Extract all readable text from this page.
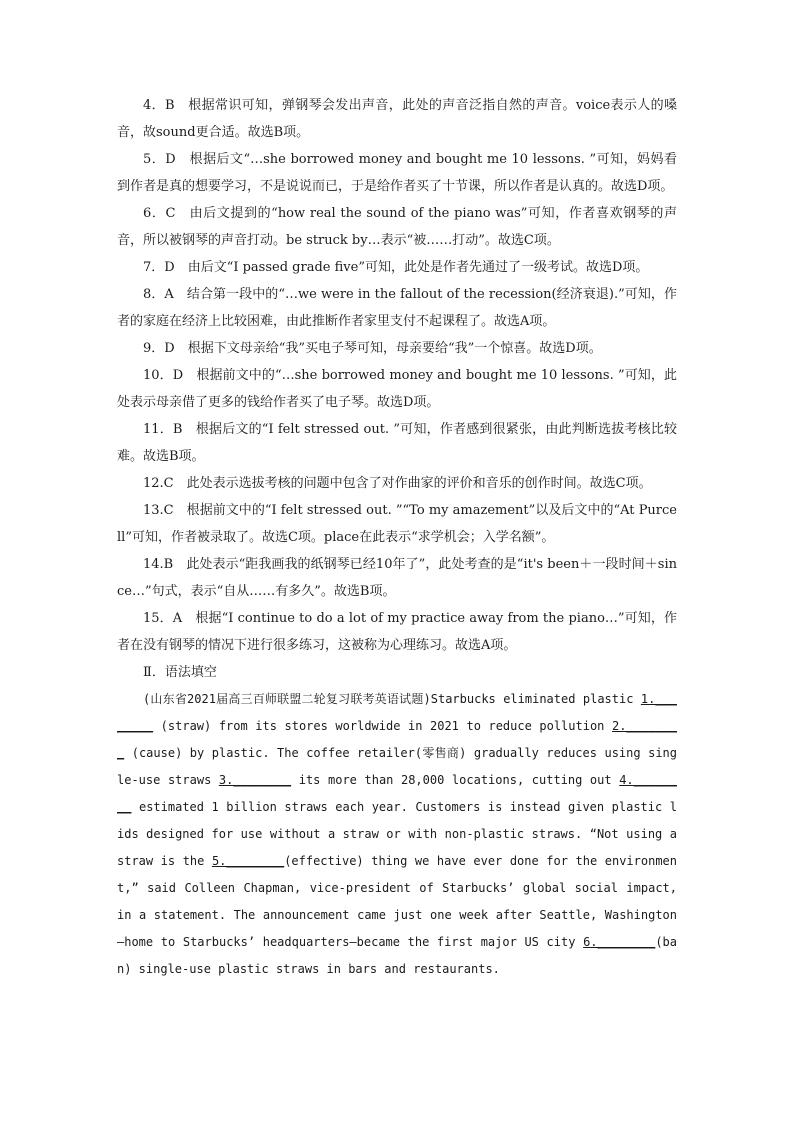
4．B　根据常识可知，弹钢琴会发出声音，此处的声音泛指自然的声音。voice表示人的嗓音，故sound更合适。故选B项。

5．D　根据后文“…she borrowed money and bought me 10 lessons. ”可知，妈妈看到作者是真的想要学习，不是说说而已，于是给作者买了十节课，所以作者是认真的。故选D项。

6．C　由后文提到的“how real the sound of the piano was”可知，作者喜欢钢琴的声音，所以被钢琴的声音打动。be struck by…表示“被……打动”。故选C项。

7．D　由后文“I passed grade five”可知，此处是作者先通过了一级考试。故选D项。

8．A　结合第一段中的“…we were in the fallout of the recession(经济衰退).”可知，作者的家庭在经济上比较困难，由此推断作者家里支付不起课程了。故选A项。

9．D　根据下文母亲给“我”买电子琴可知，母亲要给“我”一个惊喜。故选D项。

10．D　根据前文中的“…she borrowed money and bought me 10 lessons. ”可知，此处表示母亲借了更多的钱给作者买了电子琴。故选D项。

11．B　根据后文的“I felt stressed out. ”可知，作者感到很紧张，由此判断选拔考核比较难。故选B项。

12.C　此处表示选拔考核的问题中包含了对作曲家的评价和音乐的创作时间。故选C项。

13.C　根据前文中的“I felt stressed out. ”“To my amazement”以及后文中的“At Purcell”可知，作者被录取了。故选C项。place在此表示“求学机会；入学名额”。

14.B　此处表示“距我画我的纸钢琴已经10年了”，此处考查的是“it's been＋一段时间＋since…”句式，表示“自从……有多久”。故选B项。

15．A　根据“I continue to do a lot of my practice away from the piano…”可知，作者在没有钢琴的情况下进行很多练习，这被称为心理练习。故选A项。

Ⅱ．语法填空

(山东省2021届高三百师联盟二轮复习联考英语试题)Starbucks eliminated plastic 1.________ (straw) from its stores worldwide in 2021 to reduce pollution 2.________ (cause) by plastic. The coffee retailer(零售商) gradually reduces using single-use straws 3.________ its more than 28,000 locations, cutting out 4.________ estimated 1 billion straws each year. Customers is instead given plastic lids designed for use without a straw or with non-plastic straws. “Not using a straw is the 5.________(effective) thing we have ever done for the environment,” said Colleen Chapman, vice-president of Starbucks’ global social impact, in a statement. The announcement came just one week after Seattle, Washington—home to Starbucks’ headquarters—became the first major US city 6.________(ban) single-use plastic straws in bars and restaurants.
